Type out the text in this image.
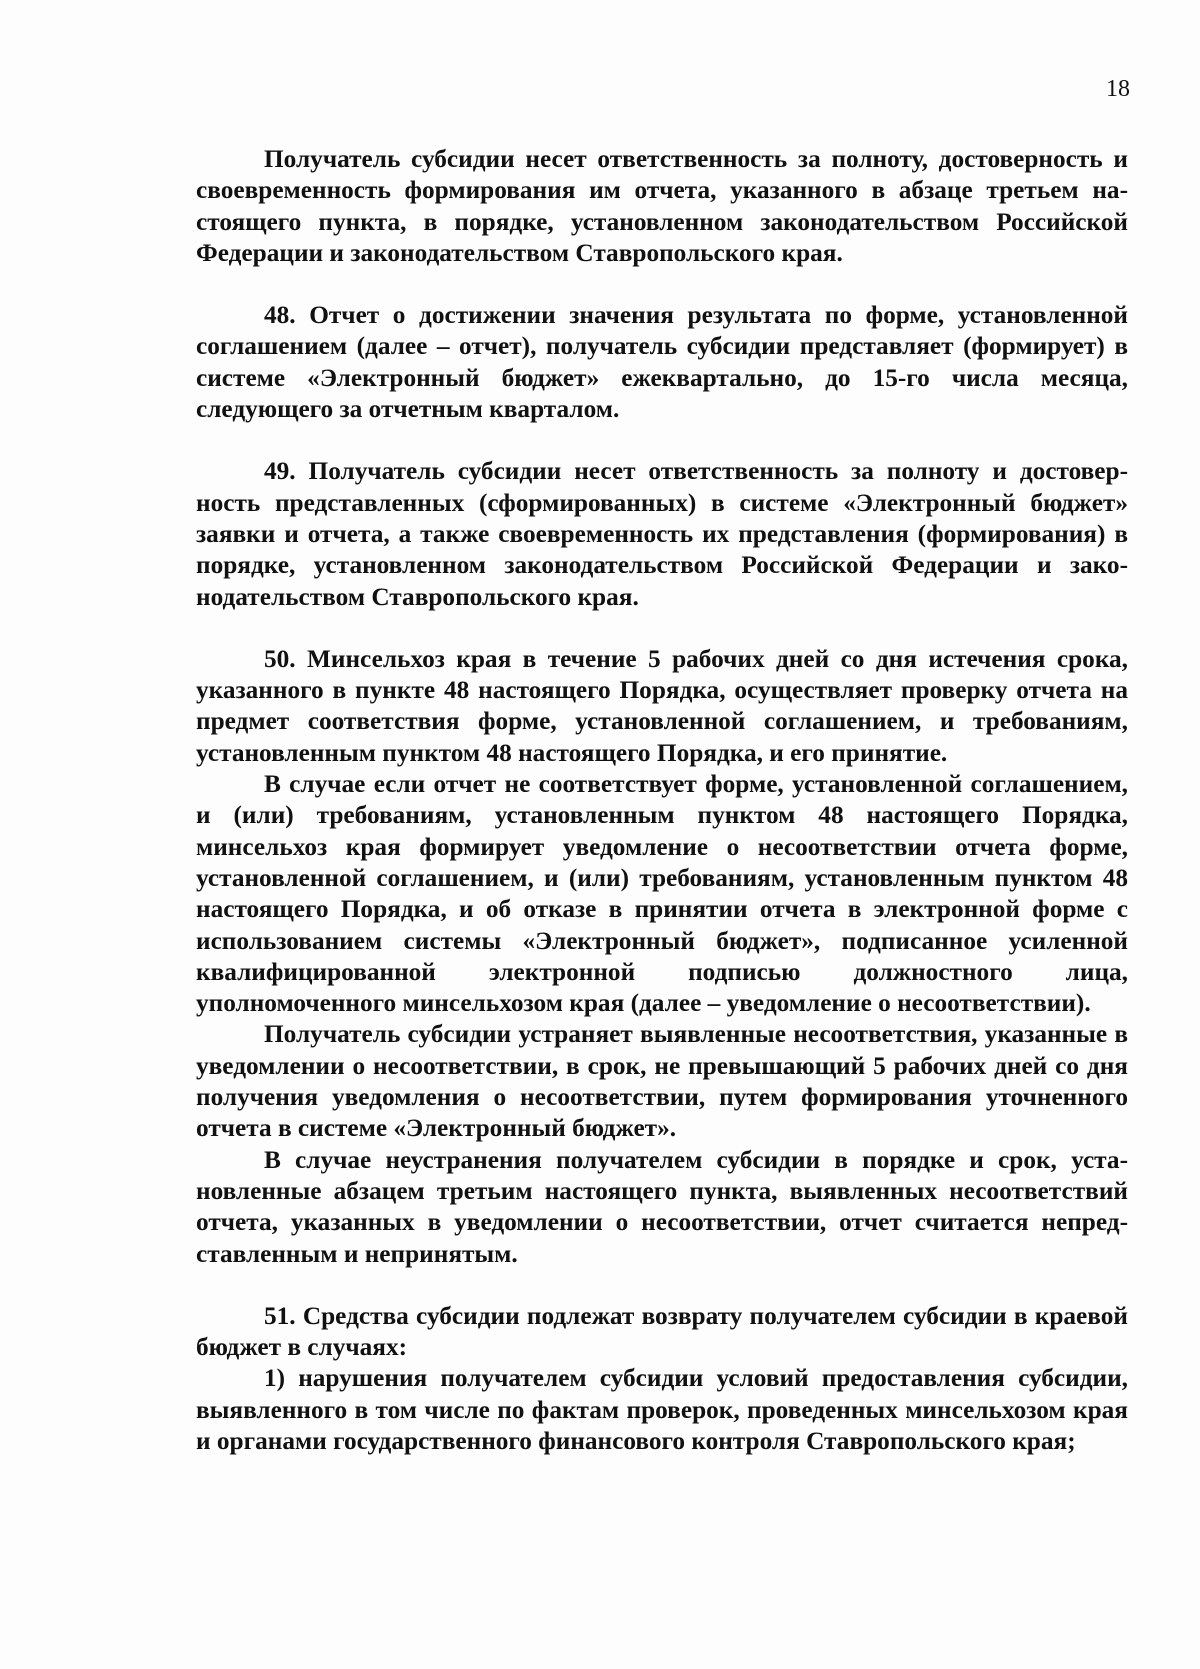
18

Получатель субсидии несет ответственность за полноту, достоверность и своевременность формирования им отчета, указанного в абзаце третьем настоящего пункта, в порядке, установленном законодательством Российской Федерации и законодательством Ставропольского края.

48. Отчет о достижении значения результата по форме, установленной соглашением (далее – отчет), получатель субсидии представляет (формирует) в системе «Электронный бюджет» ежеквартально, до 15-го числа месяца, следующего за отчетным кварталом.

49. Получатель субсидии несет ответственность за полноту и достоверность представленных (сформированных) в системе «Электронный бюджет» заявки и отчета, а также своевременность их представления (формирования) в порядке, установленном законодательством Российской Федерации и законодательством Ставропольского края.

50. Минсельхоз края в течение 5 рабочих дней со дня истечения срока, указанного в пункте 48 настоящего Порядка, осуществляет проверку отчета на предмет соответствия форме, установленной соглашением, и требованиям, установленным пунктом 48 настоящего Порядка, и его принятие.

В случае если отчет не соответствует форме, установленной соглашением, и (или) требованиям, установленным пунктом 48 настоящего Порядка, минсельхоз края формирует уведомление о несоответствии отчета форме, установленной соглашением, и (или) требованиям, установленным пунктом 48 настоящего Порядка, и об отказе в принятии отчета в электронной форме с использованием системы «Электронный бюджет», подписанное усиленной квалифицированной электронной подписью должностного лица, уполномоченного минсельхозом края (далее – уведомление о несоответствии).

Получатель субсидии устраняет выявленные несоответствия, указанные в уведомлении о несоответствии, в срок, не превышающий 5 рабочих дней со дня получения уведомления о несоответствии, путем формирования уточненного отчета в системе «Электронный бюджет».

В случае неустранения получателем субсидии в порядке и срок, установленные абзацем третьим настоящего пункта, выявленных несоответствий отчета, указанных в уведомлении о несоответствии, отчет считается непредставленным и непринятым.

51. Средства субсидии подлежат возврату получателем субсидии в краевой бюджет в случаях:

1) нарушения получателем субсидии условий предоставления субсидии, выявленного в том числе по фактам проверок, проведенных минсельхозом края и органами государственного финансового контроля Ставропольского края;
